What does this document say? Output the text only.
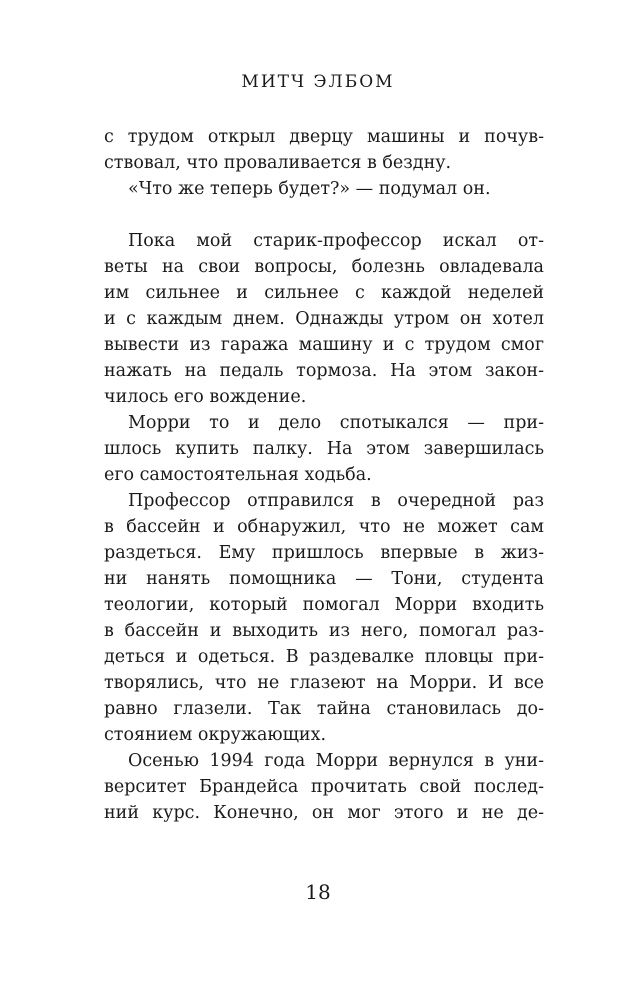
МИТЧ ЭЛБОМ
с трудом открыл дверцу машины и почув-
ствовал, что проваливается в бездну.
«Что же теперь будет?» — подумал он.
Пока мой старик-профессор искал от-
веты на свои вопросы, болезнь овладевала
им сильнее и сильнее с каждой неделей
и с каждым днем. Однажды утром он хотел
вывести из гаража машину и с трудом смог
нажать на педаль тормоза. На этом закон-
чилось его вождение.
Морри то и дело спотыкался — при-
шлось купить палку. На этом завершилась
его самостоятельная ходьба.
Профессор отправился в очередной раз
в бассейн и обнаружил, что не может сам
раздеться. Ему пришлось впервые в жиз-
ни нанять помощника — Тони, студента
теологии, который помогал Морри входить
в бассейн и выходить из него, помогал раз-
деться и одеться. В раздевалке пловцы при-
творялись, что не глазеют на Морри. И все
равно глазели. Так тайна становилась до-
стоянием окружающих.
Осенью 1994 года Морри вернулся в уни-
верситет Брандейса прочитать свой послед-
ний курс. Конечно, он мог этого и не де-
18
